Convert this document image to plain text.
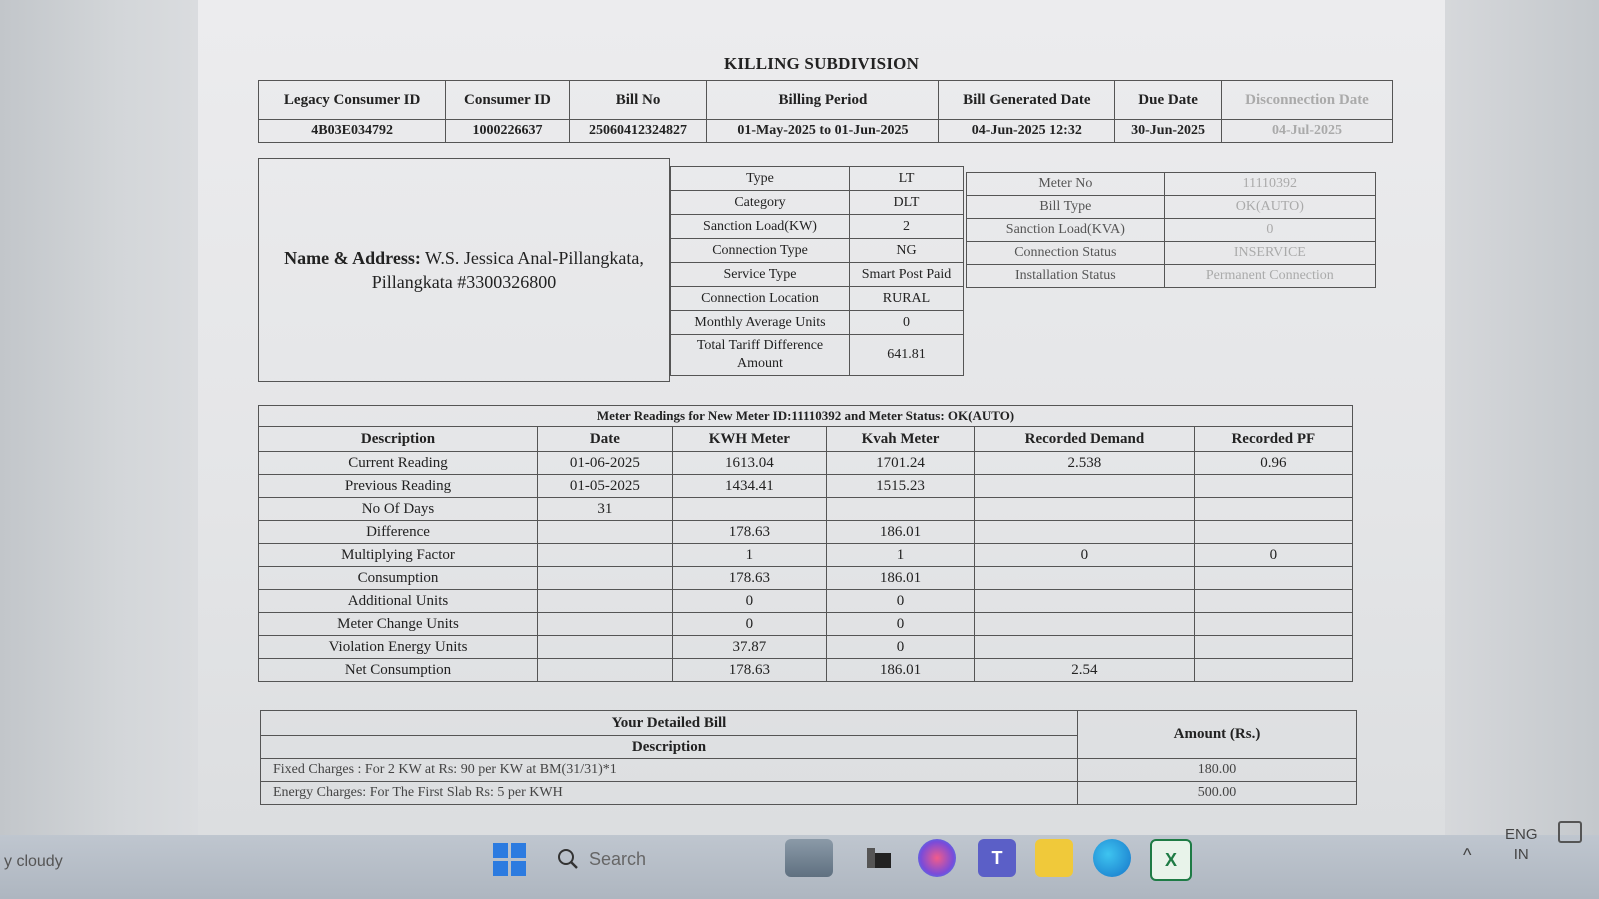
KILLING SUBDIVISION
Legacy Consumer ID	Consumer ID	Bill No	Billing Period	Bill Generated Date	Due Date	Disconnection Date
4B03E034792	1000226637	25060412324827	01-May-2025 to 01-Jun-2025	04-Jun-2025 12:32	30-Jun-2025	04-Jul-2025
Name & Address: W.S. Jessica Anal-Pillangkata,
Pillangkata #3300326800
Type	LT
Category	DLT
Sanction Load(KW)	2
Connection Type	NG
Service Type	Smart Post Paid
Connection Location	RURAL
Monthly Average Units	0
Total Tariff Difference Amount	641.81
Meter No	11110392
Bill Type	OK(AUTO)
Sanction Load(KVA)	0
Connection Status	INSERVICE
Installation Status	Permanent Connection
Meter Readings for New Meter ID:11110392 and Meter Status: OK(AUTO)					
Description	Date	KWH Meter	Kvah Meter	Recorded Demand	Recorded PF
Current Reading	01-06-2025	1613.04	1701.24	2.538	0.96
Previous Reading	01-05-2025	1434.41	1515.23		
No Of Days	31				
Difference		178.63	186.01		
Multiplying Factor		1	1	0	0
Consumption		178.63	186.01		
Additional Units		0	0		
Meter Change Units		0	0		
Violation Energy Units		37.87	0		
Net Consumption		178.63	186.01	2.54	
Your Detailed Bill	Amount (Rs.)
Description	
Fixed Charges : For 2 KW at Rs: 90 per KW at BM(31/31)*1	180.00
Energy Charges: For The First Slab Rs: 5 per KWH	500.00
y cloudy	Search	T	X	^
ENG
IN
